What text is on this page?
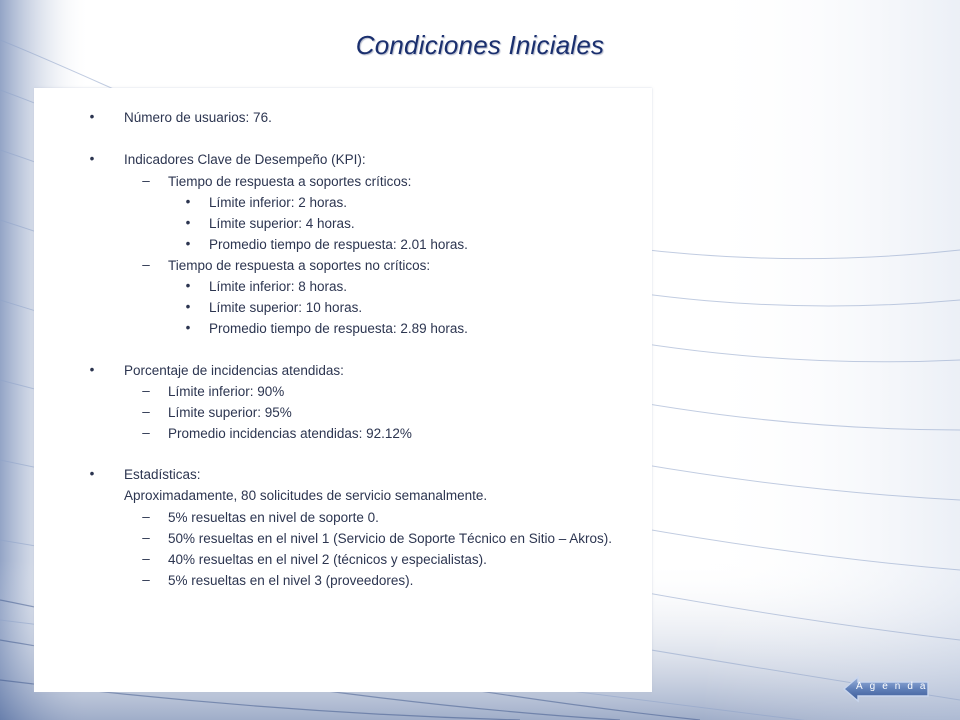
Condiciones Iniciales
• Número de usuarios: 76.
• Indicadores Clave de Desempeño (KPI):
– Tiempo de respuesta a soportes críticos:
• Límite inferior: 2 horas.
• Límite superior: 4 horas.
• Promedio tiempo de respuesta: 2.01 horas.
– Tiempo de respuesta a soportes no críticos:
• Límite inferior: 8 horas.
• Límite superior: 10 horas.
• Promedio tiempo de respuesta: 2.89 horas.
• Porcentaje de incidencias atendidas:
– Límite inferior: 90%
– Límite superior: 95%
– Promedio incidencias atendidas: 92.12%
• Estadísticas:
Aproximadamente, 80 solicitudes de servicio semanalmente.
– 5% resueltas en nivel de soporte 0.
– 50% resueltas en el nivel 1 (Servicio de Soporte Técnico en Sitio – Akros).
– 40% resueltas en el nivel 2 (técnicos y especialistas).
– 5% resueltas en el nivel 3 (proveedores).
Agenda
